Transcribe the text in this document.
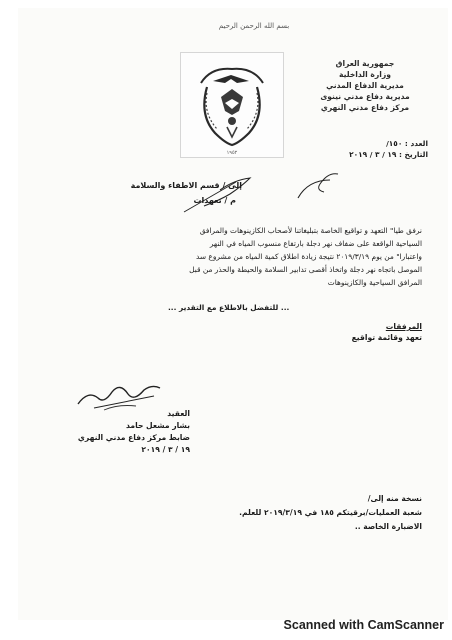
بسم الله الرحمن الرحيم
جمهورية العراق
وزارة الداخلية
مديرية الدفاع المدني
مديرية دفاع مدني نينوى
مركز دفاع مدني النهري
١٩٥٢
العدد : ١٥٠/
التاريخ : ١٩ / ٣ / ٢٠١٩
إلى / قسم الاطفاء والسلامة
م / تعهدات
نرفق طيا" التعهد و تواقيع الخاصة بتبليغاتنا لأصحاب الكازينوهات والمرافق
السياحية الواقعة على ضفاف نهر دجلة بارتفاع منسوب المياه في النهر
واعتبارا" من يوم ٢٠١٩/٣/١٩ نتيجة زيادة اطلاق كمية المياه من مشروع سد
الموصل باتجاه نهر دجلة واتخاذ أقصى تدابير السلامة والحيطة والحذر من قبل
المرافق السياحية والكازينوهات
... للتفضل بالاطلاع مع التقدير ...
المرفقات
تعهد وقائمة تواقيع
العقيد
بشار مشعل حامد
ضابط مركز دفاع مدني النهري
١٩ / ٣ / ٢٠١٩
نسخة منه إلى/
شعبة العمليات/برقيتكم ١٨٥ في ٢٠١٩/٣/١٩ للعلم.
الاضبارة الخاصة ..
Scanned with CamScanner
